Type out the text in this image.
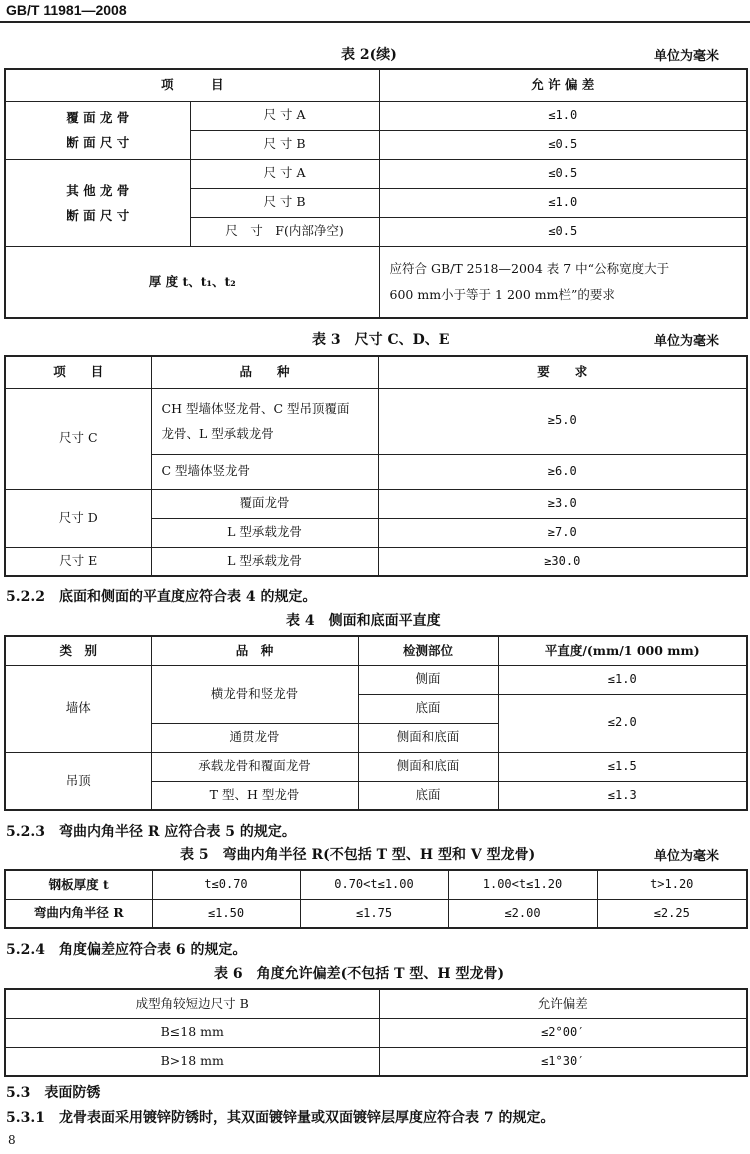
GB/T 11981—2008
表 2(续)	单位为毫米
项　　　目		允 许 偏 差

覆 面 龙 骨
断 面 尺 寸	尺 寸 A	≤1.0
	尺 寸 B	≤0.5

其 他 龙 骨
断 面 尺 寸	尺 寸 A	≤0.5
	尺 寸 B	≤1.0
	尺　寸　F(内部净空)	≤0.5
厚 度 t、t₁、t₂		应符合 GB/T 2518—2004 表 7 中“公称宽度大于
600 mm小于等于 1 200 mm栏”的要求
表 3　尺寸 C、D、E	单位为毫米
项　　目	品　　种	要　　求
尺寸 C	CH 型墙体竖龙骨、C 型吊顶覆面
龙骨、L 型承载龙骨	≥5.0
	C 型墙体竖龙骨	≥6.0
尺寸 D	覆面龙骨	≥3.0
	L 型承载龙骨	≥7.0
尺寸 E	L 型承载龙骨	≥30.0
5.2.2　底面和侧面的平直度应符合表 4 的规定。
表 4　侧面和底面平直度
类　别	品　种	检测部位	平直度/(mm/1 000 mm)
墙体	横龙骨和竖龙骨	侧面	≤1.0
		底面	≤2.0
	通贯龙骨	侧面和底面	
吊顶	承载龙骨和覆面龙骨	侧面和底面	≤1.5
	T 型、H 型龙骨	底面	≤1.3
5.2.3　弯曲内角半径 R 应符合表 5 的规定。
表 5　弯曲内角半径 R(不包括 T 型、H 型和 V 型龙骨)	单位为毫米
钢板厚度 t	t≤0.70	0.70<t≤1.00	1.00<t≤1.20	t>1.20
弯曲内角半径 R	≤1.50	≤1.75	≤2.00	≤2.25
5.2.4　角度偏差应符合表 6 的规定。
表 6　角度允许偏差(不包括 T 型、H 型龙骨)
成型角较短边尺寸 B	允许偏差
B≤18 mm	≤2°00′
B>18 mm	≤1°30′
5.3　表面防锈
5.3.1　龙骨表面采用镀锌防锈时，其双面镀锌量或双面镀锌层厚度应符合表 7 的规定。
8
